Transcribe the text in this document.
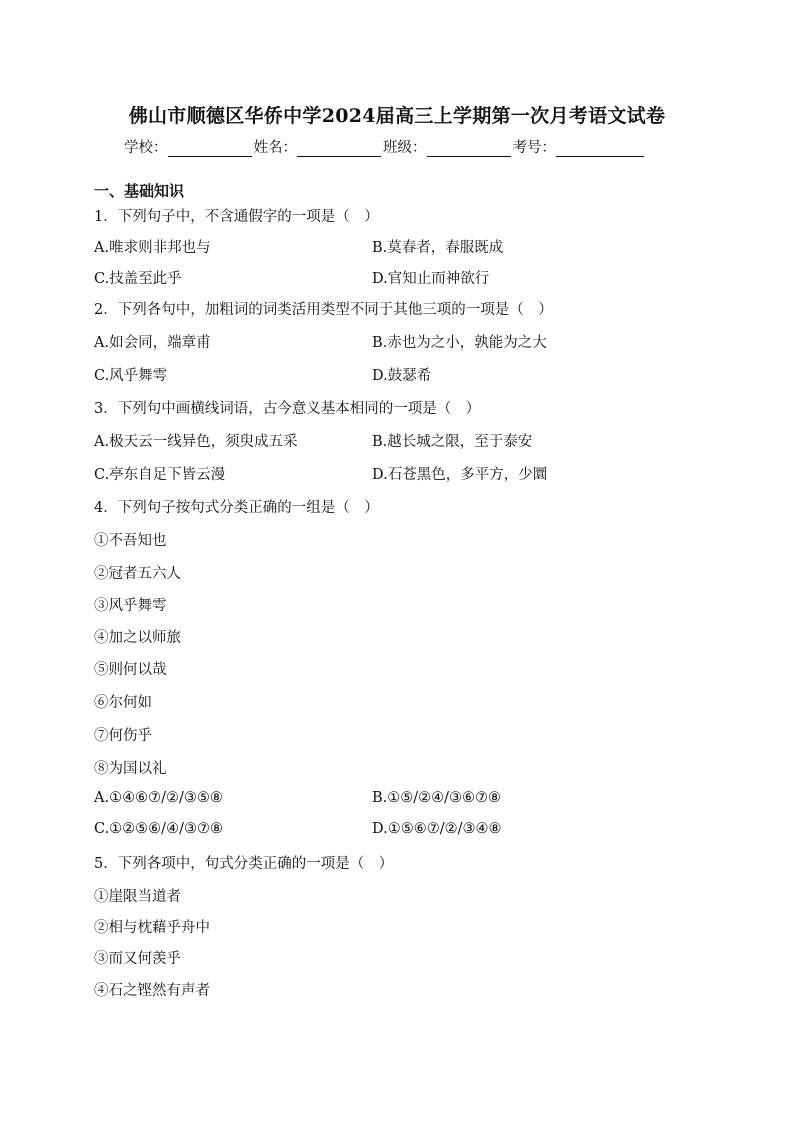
佛山市顺德区华侨中学2024届高三上学期第一次月考语文试卷
学校：	姓名：	班级：	考号：
一、基础知识
1．下列句子中，不含通假字的一项是（　）
A.唯求则非邦也与	B.莫春者，春服既成
C.技盖至此乎	D.官知止而神欲行
2．下列各句中，加粗词的词类活用类型不同于其他三项的一项是（　）
A.如会同，端章甫	B.赤也为之小，孰能为之大
C.风乎舞雩	D.鼓瑟希
3．下列句中画横线词语，古今意义基本相同的一项是（　）
A.极天云一线异色，须臾成五采	B.越长城之限，至于泰安
C.亭东自足下皆云漫	D.石苍黑色，多平方，少圜
4．下列句子按句式分类正确的一组是（　）
①不吾知也
②冠者五六人
③风乎舞雩
④加之以师旅
⑤则何以哉
⑥尔何如
⑦何伤乎
⑧为国以礼
A.①④⑥⑦/②/③⑤⑧	B.①⑤/②④/③⑥⑦⑧
C.①②⑤⑥/④/③⑦⑧	D.①⑤⑥⑦/②/③④⑧
5．下列各项中，句式分类正确的一项是（　）
①崖限当道者
②相与枕藉乎舟中
③而又何羡乎
④石之铿然有声者
